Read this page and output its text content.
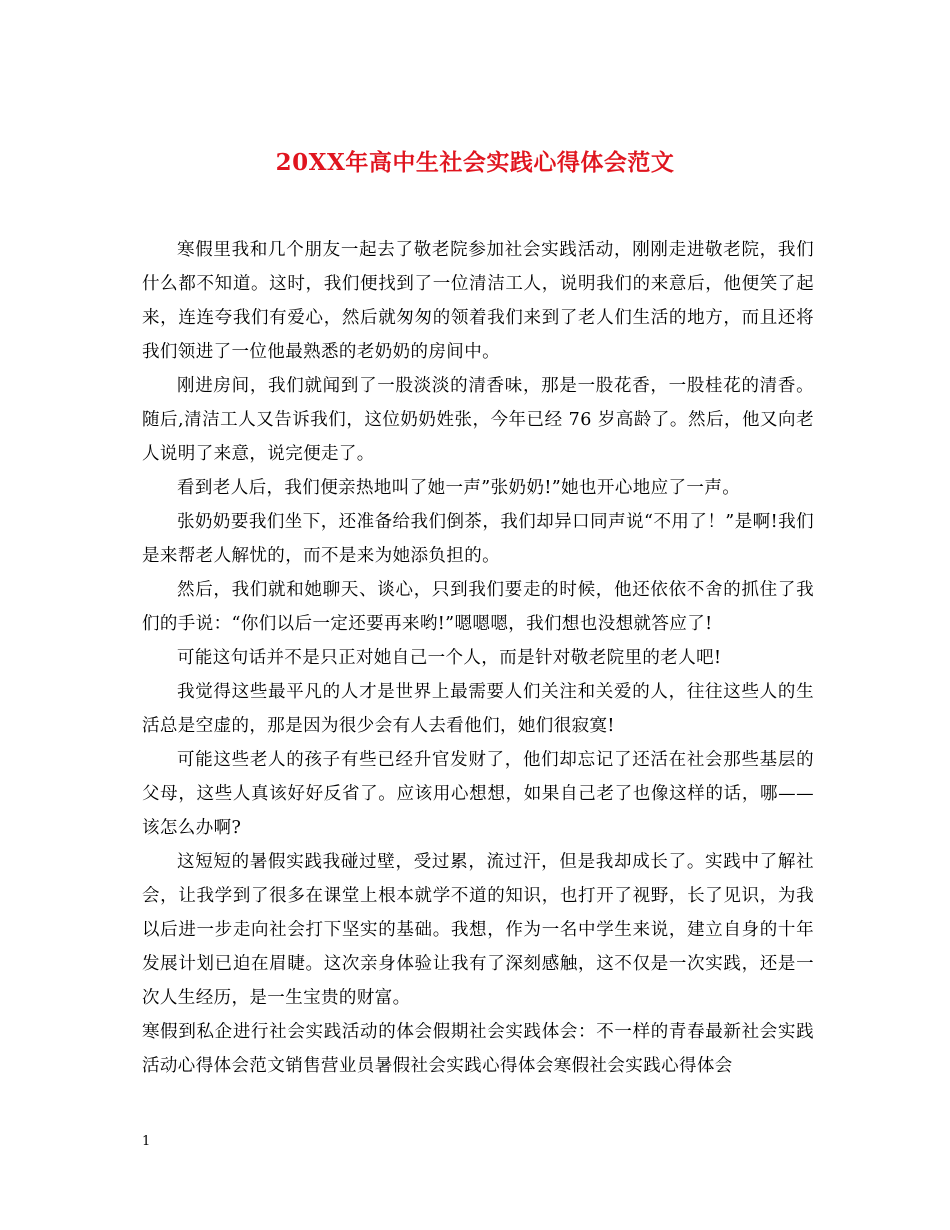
20XX年高中生社会实践心得体会范文

寒假里我和几个朋友一起去了敬老院参加社会实践活动，刚刚走进敬老院，我们什么都不知道。这时，我们便找到了一位清洁工人，说明我们的来意后，他便笑了起来，连连夸我们有爱心，然后就匆匆的领着我们来到了老人们生活的地方，而且还将我们领进了一位他最熟悉的老奶奶的房间中。

刚进房间，我们就闻到了一股淡淡的清香味，那是一股花香，一股桂花的清香。随后,清洁工人又告诉我们，这位奶奶姓张，今年已经 76 岁高龄了。然后，他又向老人说明了来意，说完便走了。

看到老人后，我们便亲热地叫了她一声”张奶奶!”她也开心地应了一声。

张奶奶要我们坐下，还准备给我们倒茶，我们却异口同声说“不用了！”是啊!我们是来帮老人解忧的，而不是来为她添负担的。

然后，我们就和她聊天、谈心，只到我们要走的时候，他还依依不舍的抓住了我们的手说：“你们以后一定还要再来哟!”嗯嗯嗯，我们想也没想就答应了!

可能这句话并不是只正对她自己一个人，而是针对敬老院里的老人吧!

我觉得这些最平凡的人才是世界上最需要人们关注和关爱的人，往往这些人的生活总是空虚的，那是因为很少会有人去看他们，她们很寂寞!

可能这些老人的孩子有些已经升官发财了，他们却忘记了还活在社会那些基层的父母，这些人真该好好反省了。应该用心想想，如果自己老了也像这样的话，哪——该怎么办啊?

这短短的暑假实践我碰过壁，受过累，流过汗，但是我却成长了。实践中了解社会，让我学到了很多在课堂上根本就学不道的知识，也打开了视野，长了见识，为我以后进一步走向社会打下坚实的基础。我想，作为一名中学生来说，建立自身的十年发展计划已迫在眉睫。这次亲身体验让我有了深刻感触，这不仅是一次实践，还是一次人生经历，是一生宝贵的财富。

寒假到私企进行社会实践活动的体会假期社会实践体会：不一样的青春最新社会实践活动心得体会范文销售营业员暑假社会实践心得体会寒假社会实践心得体会

1
